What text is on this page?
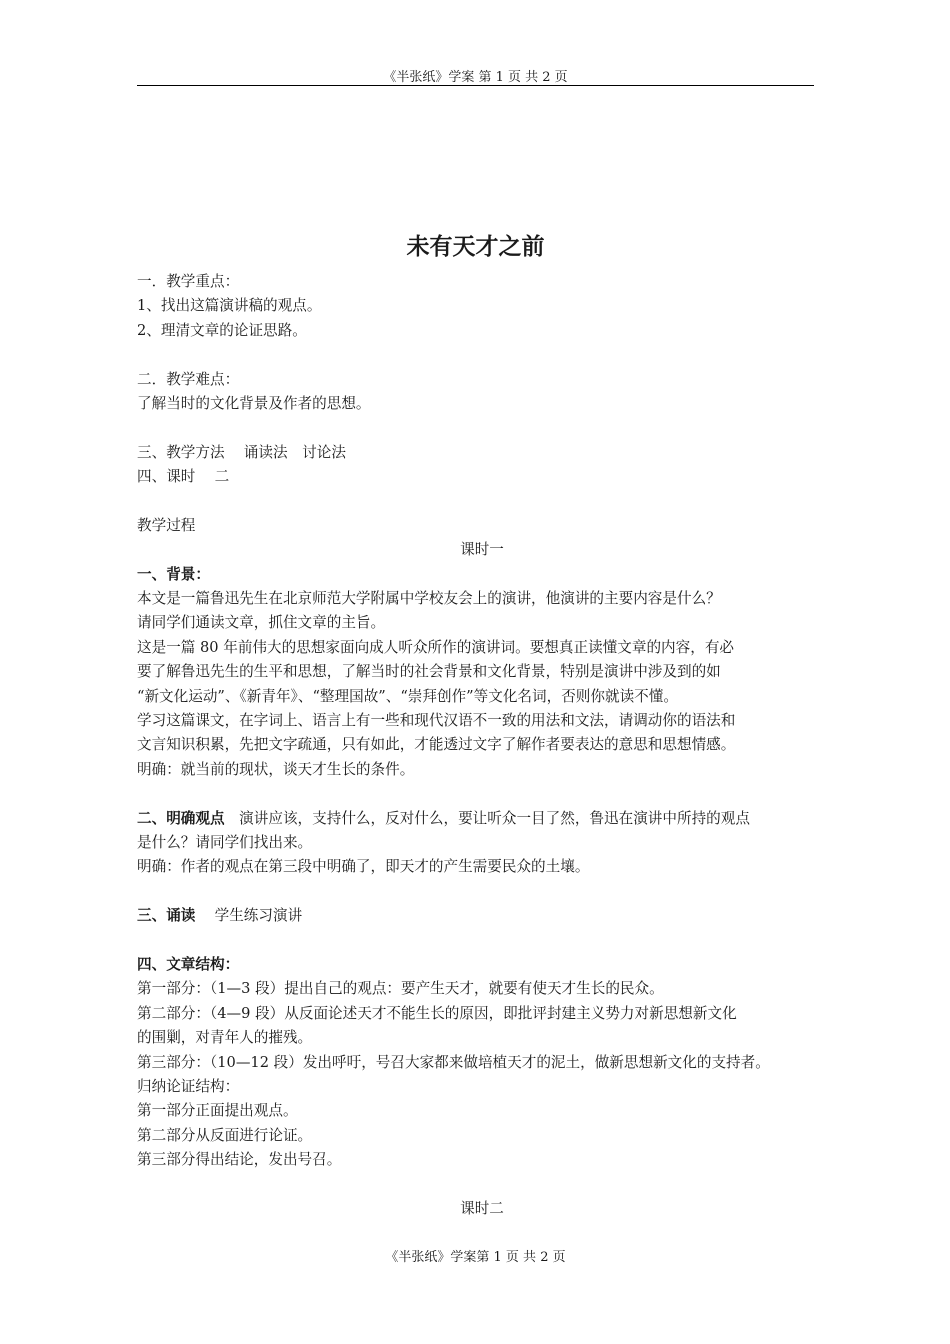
《半张纸》学案 第 1 页 共 2 页
未有天才之前
一．教学重点：
1、找出这篇演讲稿的观点。
2、理清文章的论证思路。
二．教学难点：
了解当时的文化背景及作者的思想。
三、教学方法　 诵读法　讨论法
四、课时　 二
教学过程
课时一
一、背景：
本文是一篇鲁迅先生在北京师范大学附属中学校友会上的演讲，他演讲的主要内容是什么？
请同学们通读文章，抓住文章的主旨。
这是一篇 80 年前伟大的思想家面向成人听众所作的演讲词。要想真正读懂文章的内容，有必
要了解鲁迅先生的生平和思想，了解当时的社会背景和文化背景，特别是演讲中涉及到的如
“新文化运动”、《新青年》、“整理国故”、“崇拜创作”等文化名词，否则你就读不懂。
学习这篇课文，在字词上、语言上有一些和现代汉语不一致的用法和文法，请调动你的语法和
文言知识积累，先把文字疏通，只有如此，才能透过文字了解作者要表达的意思和思想情感。
明确：就当前的现状，谈天才生长的条件。
二、明确观点　演讲应该，支持什么，反对什么，要让听众一目了然，鲁迅在演讲中所持的观点
是什么？请同学们找出来。
明确：作者的观点在第三段中明确了，即天才的产生需要民众的土壤。
三、诵读　 学生练习演讲
四、文章结构：
第一部分：（1—3 段）提出自己的观点：要产生天才，就要有使天才生长的民众。
第二部分：（4—9 段）从反面论述天才不能生长的原因，即批评封建主义势力对新思想新文化
的围剿，对青年人的摧残。
第三部分：（10—12 段）发出呼吁，号召大家都来做培植天才的泥土，做新思想新文化的支持者。
归纳论证结构：
第一部分正面提出观点。
第二部分从反面进行论证。
第三部分得出结论，发出号召。
课时二
《半张纸》学案第 1 页 共 2 页
